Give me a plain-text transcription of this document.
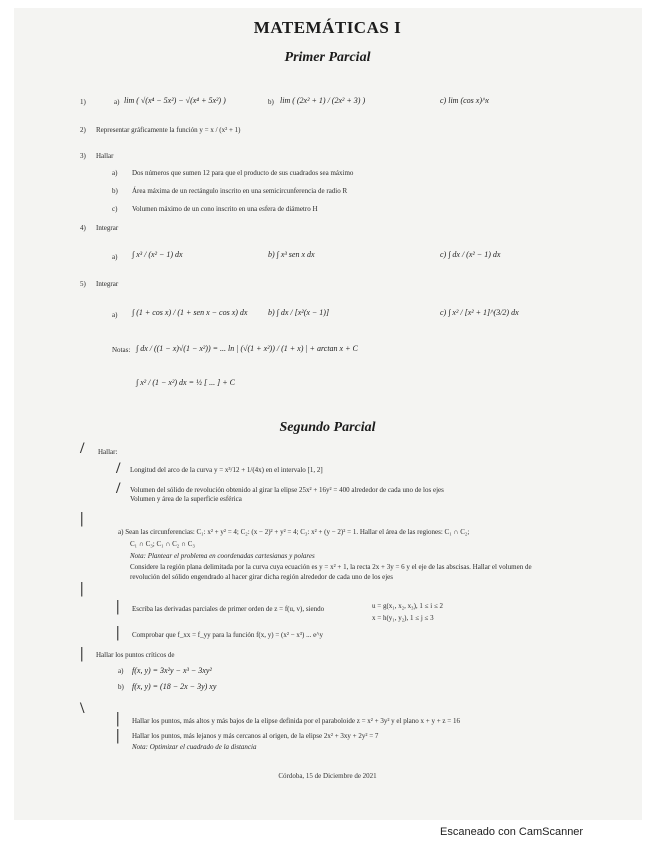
MATEMÁTICAS I
Primer Parcial
1)	a) lim ( √(x⁴ − 5x²) − √(x⁴ + 5x²) )	b) lim ( (2x² + 1) / (2x² + 3) )	c) lim (cos x)^x
2) Representar gráficamente la función y = x / (x² + 1)
3) Hallar
a) Dos números que sumen 12 para que el producto de sus cuadrados sea máximo
b) Área máxima de un rectángulo inscrito en una semicircunferencia de radio R
c) Volumen máximo de un cono inscrito en una esfera de diámetro H
4) Integrar
a) ∫ x³ / (x² − 1) dx	b) ∫ x³ sen x dx	c) ∫ dx / (x² − 1) dx
5) Integrar
a) ∫ (1 + cos x) / (1 + sen x − cos x) dx	b) ∫ dx / [x²(x − 1)]	c) ∫ x² / [x² + 1]^(3/2) dx
Notas: ∫ dx / ((1 − x)√(1 − x²)) = ... ln | (√(1 + x²)) / (1 + x) | + arctan x + C
∫ x² / (1 − x²) dx = ½ [ ... ] + C
Segundo Parcial
/ Hallar:
/ Longitud del arco de la curva y = x³/12 + 1/(4x) en el intervalo [1, 2]
/ Volumen del sólido de revolución obtenido al girar la elipse 25x² + 16y² = 400 alrededor de cada uno de los ejes
Volumen y área de la superficie esférica
|
a) Sean las circunferencias: C₁: x² + y² = 4; C₂: (x − 2)² + y² = 4; C₃: x² + (y − 2)² = 1. Hallar el área de las regiones: C₁ ∩ C₂;
C₁ ∩ C₃; C₁ ∩ C₂ ∩ C₃
Nota: Plantear el problema en coordenadas cartesianas y polares
Considere la región plana delimitada por la curva cuya ecuación es y = x² + 1, la recta 2x + 3y = 6 y el eje de las abscisas. Hallar el volumen de
revolución del sólido engendrado al hacer girar dicha región alrededor de cada uno de los ejes
|
| Escriba las derivadas parciales de primer orden de z = f(u, v), siendo	u = g(x₁, x₂, x₃), 1 ≤ i ≤ 2
x = h(y₁, y₂), 1 ≤ j ≤ 3
| Comprobar que f_xx = f_yy para la función f(x, y) = (x² − x³) ... e^y
| Hallar los puntos críticos de
a) f(x, y) = 3x²y − x³ − 3xy²
b) f(x, y) = (18 − 2x − 3y) xy
\
| Hallar los puntos, más altos y más bajos de la elipse definida por el paraboloide z = x² + 3y² y el plano x + y + z = 16
| Hallar los puntos, más lejanos y más cercanos al origen, de la elipse 2x² + 3xy + 2y² = 7
Nota: Optimizar el cuadrado de la distancia
Córdoba, 15 de Diciembre de 2021
Escaneado con CamScanner
